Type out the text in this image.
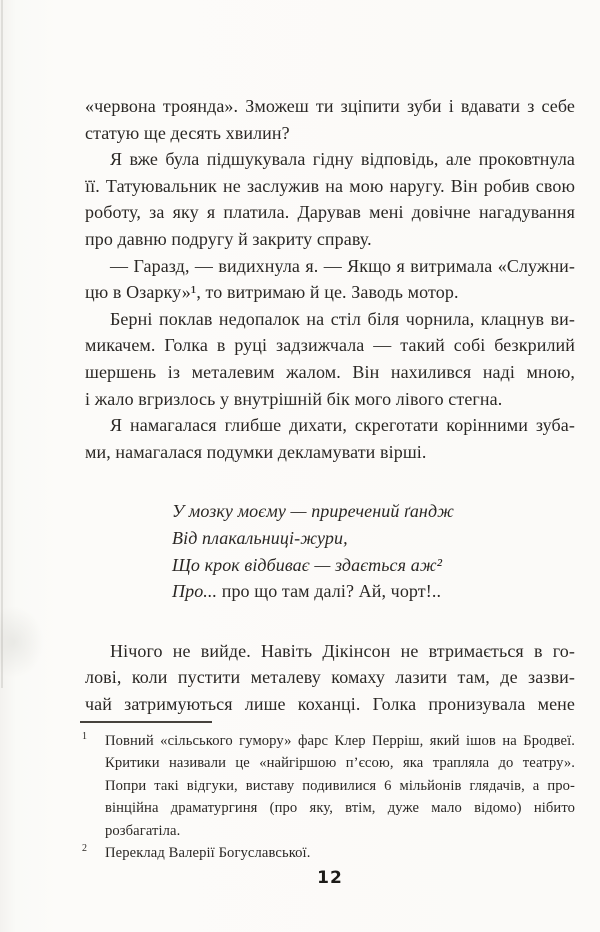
«червона троянда». Зможеш ти зціпити зуби і вдавати з себе
статую ще десять хвилин?
Я вже була підшукувала гідну відповідь, але проковтнула
її. Татуювальник не заслужив на мою наругу. Він робив свою
роботу, за яку я платила. Дарував мені довічне нагадування
про давню подругу й закриту справу.
— Гаразд, — видихнула я. — Якщо я витримала «Служни-
цю в Озарку»¹, то витримаю й це. Заводь мотор.
Берні поклав недопалок на стіл біля чорнила, клацнув ви-
микачем. Голка в руці задзижчала — такий собі безкрилий
шершень із металевим жалом. Він нахилився наді мною,
і жало вгризлось у внутрішній бік мого лівого стегна.
Я намагалася глибше дихати, скреготати корінними зуба-
ми, намагалася подумки декламувати вірші.
У мозку моєму — приречений ґандж
Від плакальниці-жури,
Що крок відбиває — здається аж²
Про... про що там далі? Ай, чорт!..
Нічого не вийде. Навіть Дікінсон не втримається в го-
лові, коли пустити металеву комаху лазити там, де зазви-
чай затримуються лише коханці. Голка пронизувала мене
1 Повний «сільського гумору» фарс Клер Перріш, який ішов на Бродвеї.
Критики називали це «найгіршою п’єсою, яка трапляла до театру».
Попри такі відгуки, виставу подивилися 6 мільйонів глядачів, а про-
вінційна драматургиня (про яку, втім, дуже мало відомо) нібито
розбагатіла.
2 Переклад Валерії Богуславської.
12
